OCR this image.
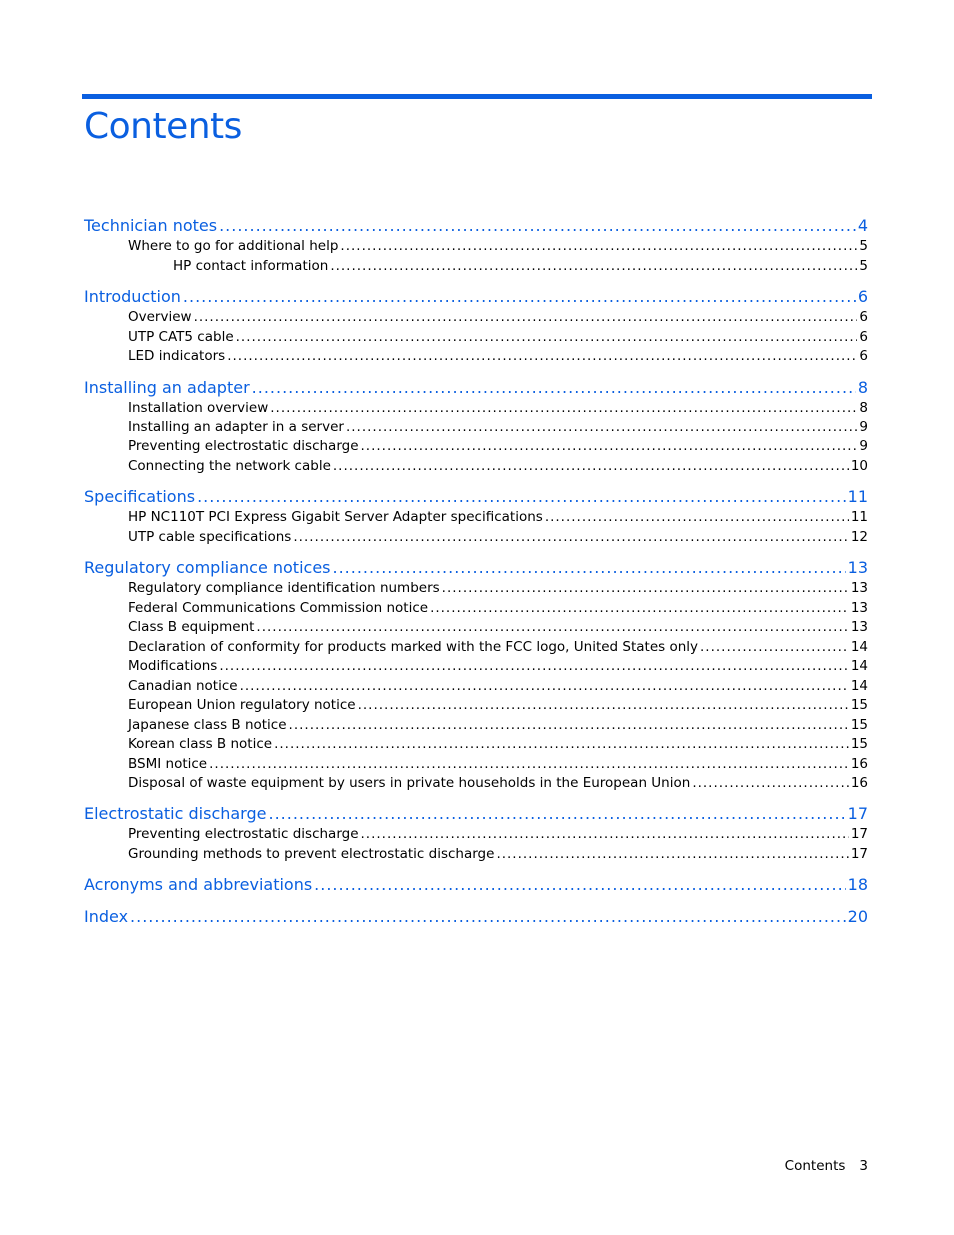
Contents
Technician notes .....	4
Where to go for additional help .....	5
HP contact information .....	5
Introduction .....	6
Overview .....	6
UTP CAT5 cable .....	6
LED indicators .....	6
Installing an adapter .....	8
Installation overview .....	8
Installing an adapter in a server .....	9
Preventing electrostatic discharge .....	9
Connecting the network cable .....	10
Specifications .....	11
HP NC110T PCI Express Gigabit Server Adapter specifications .....	11
UTP cable specifications .....	12
Regulatory compliance notices .....	13
Regulatory compliance identification numbers .....	13
Federal Communications Commission notice .....	13
Class B equipment .....	13
Declaration of conformity for products marked with the FCC logo, United States only .....	14
Modifications .....	14
Canadian notice .....	14
European Union regulatory notice .....	15
Japanese class B notice .....	15
Korean class B notice .....	15
BSMI notice .....	16
Disposal of waste equipment by users in private households in the European Union .....	16
Electrostatic discharge .....	17
Preventing electrostatic discharge .....	17
Grounding methods to prevent electrostatic discharge .....	17
Acronyms and abbreviations .....	18
Index .....	20
Contents 3
